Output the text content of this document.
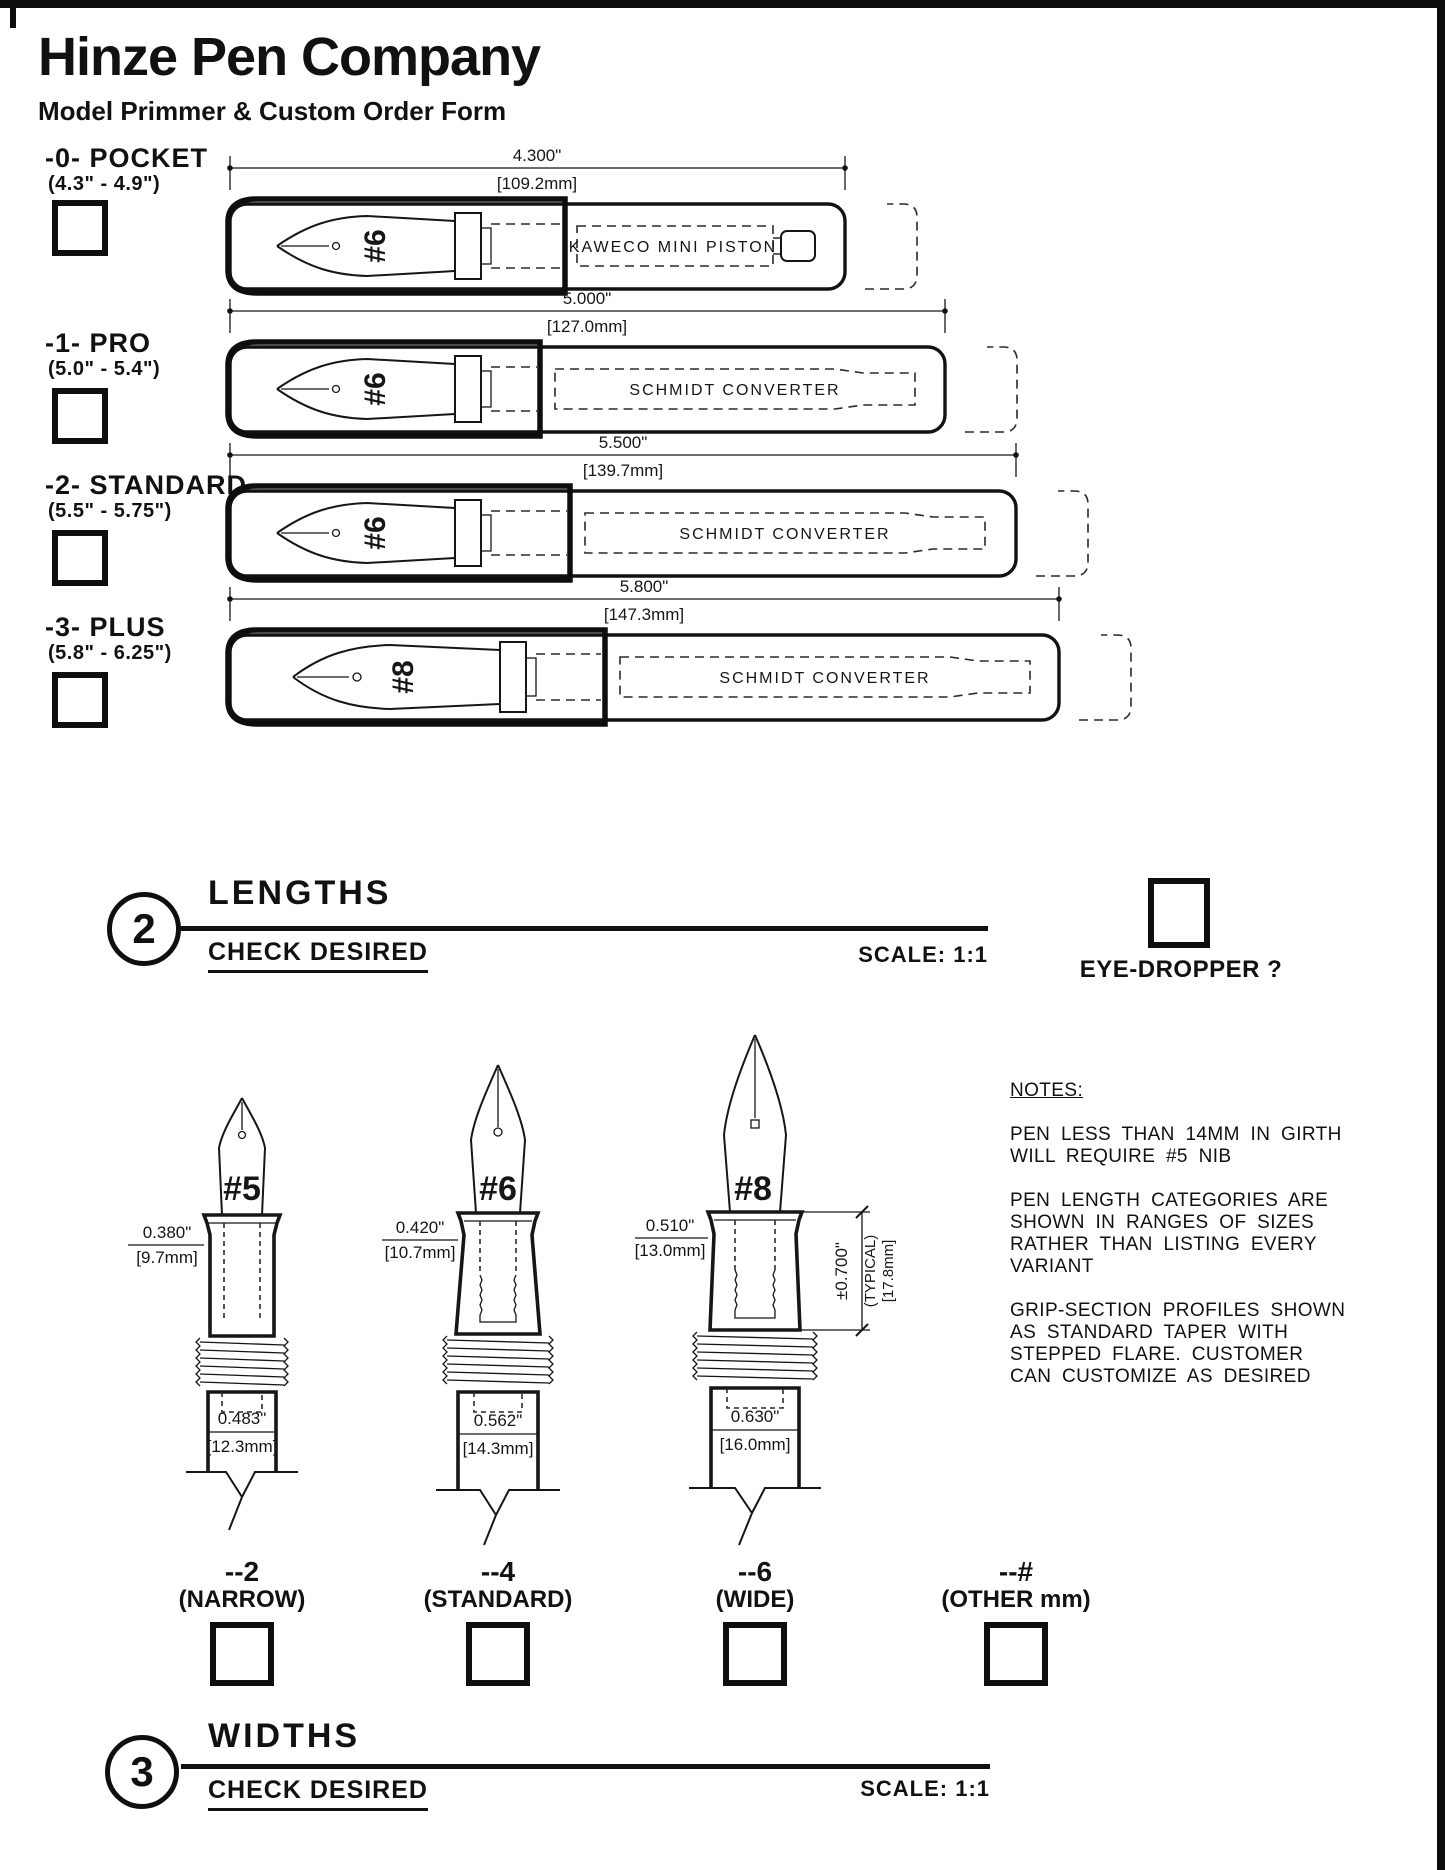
Hinze Pen Company
Model Primmer & Custom Order Form
-0- POCKET
(4.3" - 4.9")
-1- PRO
(5.0" - 5.4")
-2- STANDARD
(5.5" - 5.75")
-3- PLUS
(5.8" - 6.25")
4.300"
[109.2mm]
#6	KAWECO MINI PISTON
5.000"
[127.0mm]
#6	SCHMIDT CONVERTER
5.500"
[139.7mm]
#6	SCHMIDT CONVERTER
5.800"
[147.3mm]
#8	SCHMIDT CONVERTER
2
LENGTHS
CHECK DESIRED	SCALE: 1:1
EYE-DROPPER ?
#5
0.380"
[9.7mm]
0.483"
[12.3mm]
#6
0.420"
[10.7mm]
0.562"
[14.3mm]
#8
0.510"
[13.0mm]
0.630"
[16.0mm]
±0.700" (TYPICAL) [17.8mm]

NOTES:

PEN LESS THAN 14MM IN GIRTH WILL REQUIRE #5 NIB

PEN LENGTH CATEGORIES ARE SHOWN IN RANGES OF SIZES RATHER THAN LISTING EVERY VARIANT

GRIP-SECTION PROFILES SHOWN AS STANDARD TAPER WITH STEPPED FLARE. CUSTOMER CAN CUSTOMIZE AS DESIRED

--2
(NARROW)
--4
(STANDARD)
--6
(WIDE)
--#
(OTHER mm)
3
WIDTHS
CHECK DESIRED	SCALE: 1:1
